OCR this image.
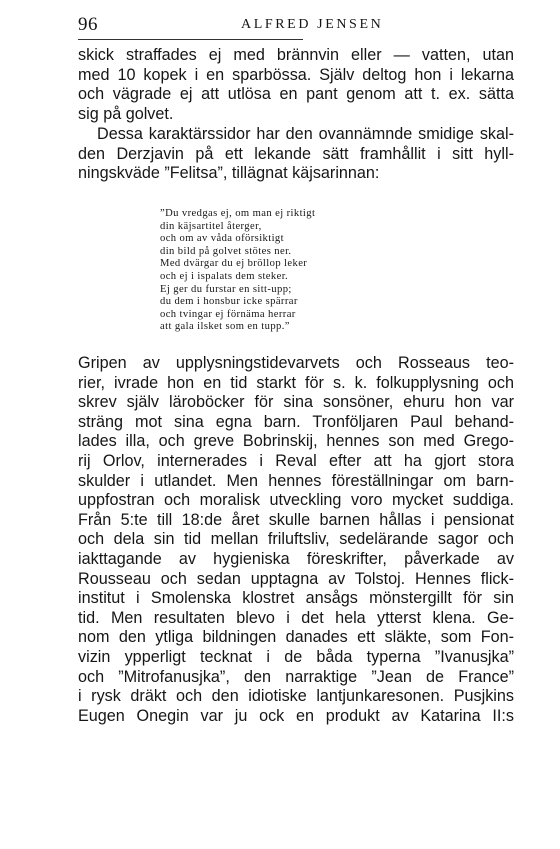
96	ALFRED JENSEN
skick straffades ej med brännvin eller — vatten, utan
med 10 kopek i en sparbössa. Själv deltog hon i lekarna
och vägrade ej att utlösa en pant genom att t. ex. sätta
sig på golvet.
Dessa karaktärssidor har den ovannämnde smidige skal-
den Derzjavin på ett lekande sätt framhållit i sitt hyll-
ningskväde ”Felitsa”, tillägnat käjsarinnan:
”Du vredgas ej, om man ej riktigt
din käjsartitel återger,
och om av våda oförsiktigt
din bild på golvet stötes ner.
Med dvärgar du ej bröllop leker
och ej i ispalats dem steker.
Ej ger du furstar en sitt-upp;
du dem i honsbur icke spärrar
och tvingar ej förnäma herrar
att gala ilsket som en tupp.”
Gripen av upplysningstidevarvets och Rosseaus teo-
rier, ivrade hon en tid starkt för s. k. folkupplysning och
skrev själv läroböcker för sina sonsöner, ehuru hon var
sträng mot sina egna barn. Tronföljaren Paul behand-
lades illa, och greve Bobrinskij, hennes son med Grego-
rij Orlov, internerades i Reval efter att ha gjort stora
skulder i utlandet. Men hennes föreställningar om barn-
uppfostran och moralisk utveckling voro mycket suddiga.
Från 5:te till 18:de året skulle barnen hållas i pensionat
och dela sin tid mellan friluftsliv, sedelärande sagor och
iakttagande av hygieniska föreskrifter, påverkade av
Rousseau och sedan upptagna av Tolstoj. Hennes flick-
institut i Smolenska klostret ansågs mönstergillt för sin
tid. Men resultaten blevo i det hela ytterst klena. Ge-
nom den ytliga bildningen danades ett släkte, som Fon-
vizin ypperligt tecknat i de båda typerna ”Ivanusjka”
och ”Mitrofanusjka”, den narraktige ”Jean de France”
i rysk dräkt och den idiotiske lantjunkaresonen. Pusjkins
Eugen Onegin var ju ock en produkt av Katarina II:s
